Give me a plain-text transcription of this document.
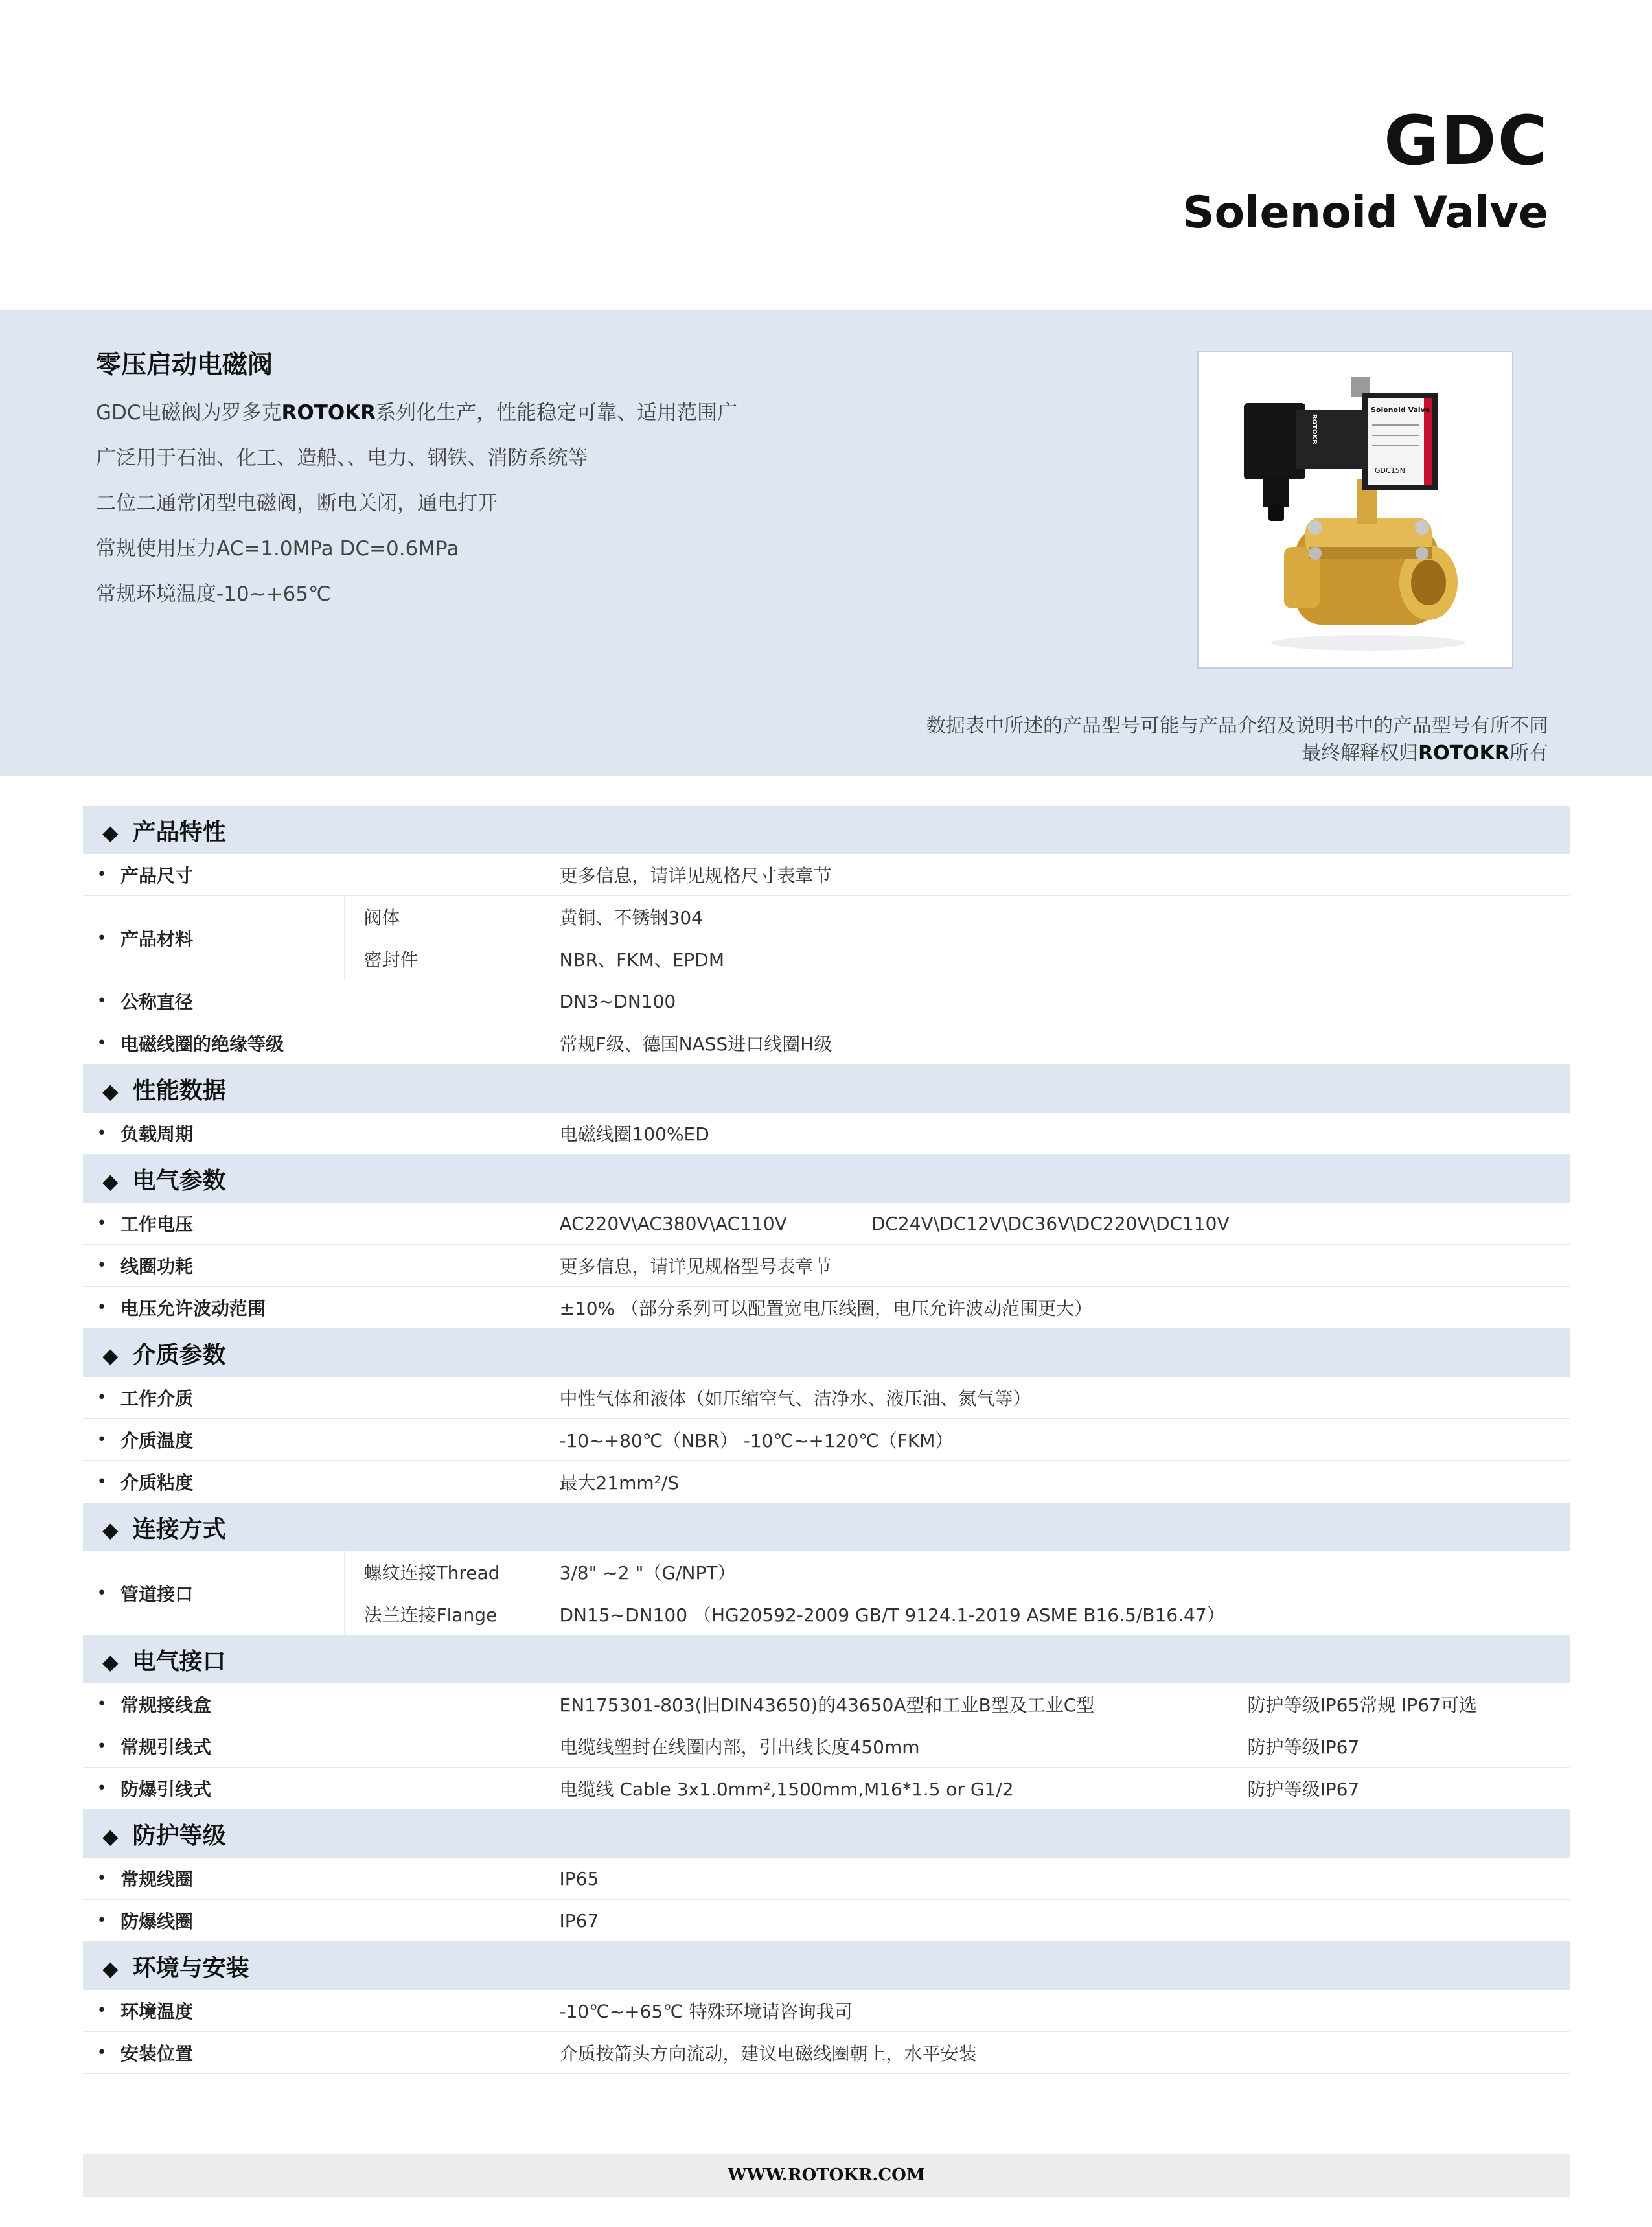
GDC
Solenoid Valve
零压启动电磁阀
GDC电磁阀为罗多克ROTOKR系列化生产，性能稳定可靠、适用范围广
广泛用于石油、化工、造船、、电力、钢铁、消防系统等
二位二通常闭型电磁阀，断电关闭，通电打开
常规使用压力AC=1.0MPa DC=0.6MPa
常规环境温度-10~+65℃
Solenoid Valve
GDC15N
ROTOKR
数据表中所述的产品型号可能与产品介绍及说明书中的产品型号有所不同
最终解释权归ROTOKR所有
◆ 产品特性				
•	产品尺寸		更多信息，请详见规格尺寸表章节	
•	产品材料	阀体	黄铜、不锈钢304	
		密封件	NBR、FKM、EPDM	
•	公称直径		DN3~DN100	
•	电磁线圈的绝缘等级		常规F级、德国NASS进口线圈H级	
◆ 性能数据				
•	负载周期		电磁线圈100%ED	
◆ 电气参数				
•	工作电压		AC220V\AC380V\AC110V DC24V\DC12V\DC36V\DC220V\DC110V	
•	线圈功耗		更多信息，请详见规格型号表章节	
•	电压允许波动范围		±10% （部分系列可以配置宽电压线圈，电压允许波动范围更大）	
◆ 介质参数				
•	工作介质		中性气体和液体（如压缩空气、洁净水、液压油、氮气等）	
•	介质温度		-10~+80℃（NBR） -10℃~+120℃（FKM）	
•	介质粘度		最大21mm²/S	
◆ 连接方式				
•	管道接口	螺纹连接Thread	3/8" ~2 "（G/NPT）	
		法兰连接Flange	DN15~DN100 （HG20592-2009 GB/T 9124.1-2019 ASME B16.5/B16.47）	
◆ 电气接口				
•	常规接线盒		EN175301-803(旧DIN43650)的43650A型和工业B型及工业C型	防护等级IP65常规 IP67可选
•	常规引线式		电缆线塑封在线圈内部，引出线长度450mm	防护等级IP67
•	防爆引线式		电缆线 Cable 3x1.0mm²,1500mm,M16*1.5 or G1/2	防护等级IP67
◆ 防护等级				
•	常规线圈		IP65	
•	防爆线圈		IP67	
◆ 环境与安装				
•	环境温度		-10℃~+65℃ 特殊环境请咨询我司	
•	安装位置		介质按箭头方向流动，建议电磁线圈朝上，水平安装	
WWW.ROTOKR.COM
